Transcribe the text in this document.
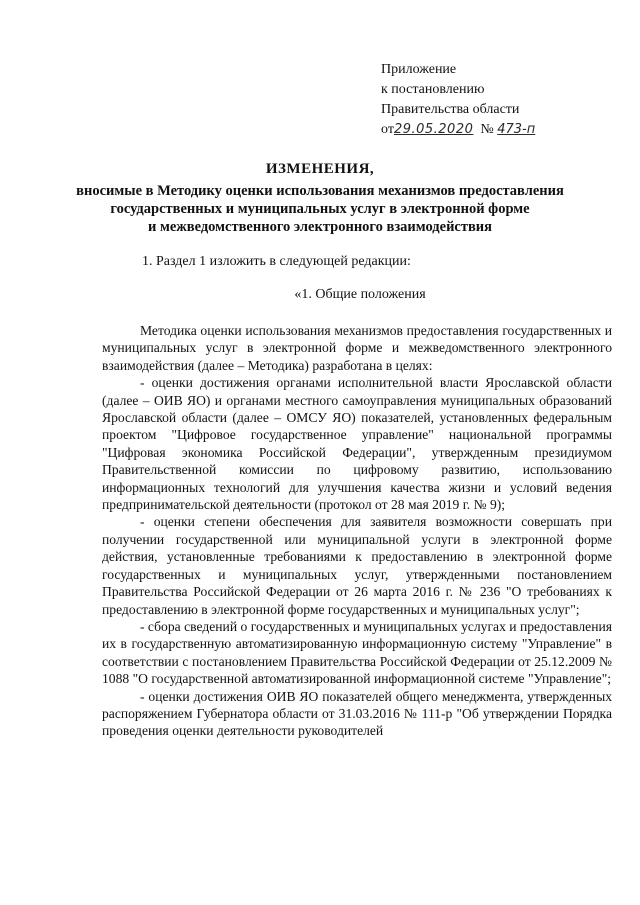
Приложение
к постановлению
Правительства области
от29.05.2020 № 473-п
ИЗМЕНЕНИЯ,
вносимые в Методику оценки использования механизмов предоставления
государственных и муниципальных услуг в электронной форме
и межведомственного электронного взаимодействия
1. Раздел 1 изложить в следующей редакции:
«1. Общие положения

Методика оценки использования механизмов предоставления государственных и муниципальных услуг в электронной форме и межведомственного электронного взаимодействия (далее – Методика) разработана в целях:

- оценки достижения органами исполнительной власти Ярославской области (далее – ОИВ ЯО) и органами местного самоуправления муниципальных образований Ярославской области (далее – ОМСУ ЯО) показателей, установленных федеральным проектом "Цифровое государственное управление" национальной программы "Цифровая экономика Российской Федерации", утвержденным президиумом Правительственной комиссии по цифровому развитию, использованию информационных технологий для улучшения качества жизни и условий ведения предпринимательской деятельности (протокол от 28 мая 2019 г. № 9);

- оценки степени обеспечения для заявителя возможности совершать при получении государственной или муниципальной услуги в электронной форме действия, установленные требованиями к предоставлению в электронной форме государственных и муниципальных услуг, утвержденными постановлением Правительства Российской Федерации от 26 марта 2016 г. № 236 "О требованиях к предоставлению в электронной форме государственных и муниципальных услуг";

- сбора сведений о государственных и муниципальных услугах и предоставления их в государственную автоматизированную информационную систему "Управление" в соответствии с постановлением Правительства Российской Федерации от 25.12.2009 № 1088 "О государственной автоматизированной информационной системе "Управление";

- оценки достижения ОИВ ЯО показателей общего менеджмента, утвержденных распоряжением Губернатора области от 31.03.2016 № 111-р "Об утверждении Порядка проведения оценки деятельности руководителей
